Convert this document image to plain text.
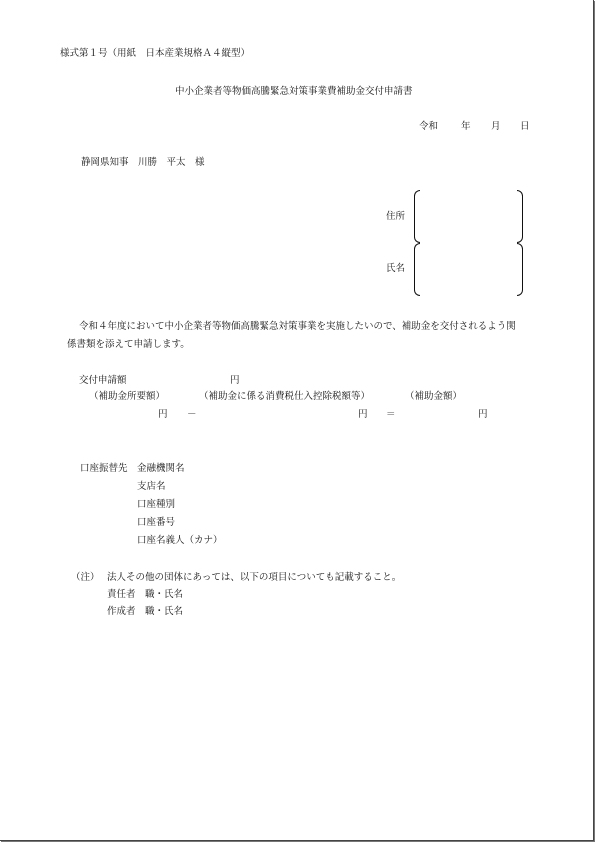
様式第１号（用紙　日本産業規格Ａ４縦型）
中小企業者等物価高騰緊急対策事業費補助金交付申請書
令和 年 月 日
静岡県知事　川勝　平太　様
住所
氏名
令和４年度において中小企業者等物価高騰緊急対策事業を実施したいので、補助金を交付されるよう関
係書類を添えて申請します。
交付申請額	円
（補助金所要額）	（補助金に係る消費税仕入控除税額等）	（補助金額）
円 －	円 ＝	円
口座振替先 金融機関名
支店名
口座種別
口座番号
口座名義人（カナ）
（注） 法人その他の団体にあっては、以下の項目についても記載すること。
責任者　職・氏名
作成者　職・氏名
